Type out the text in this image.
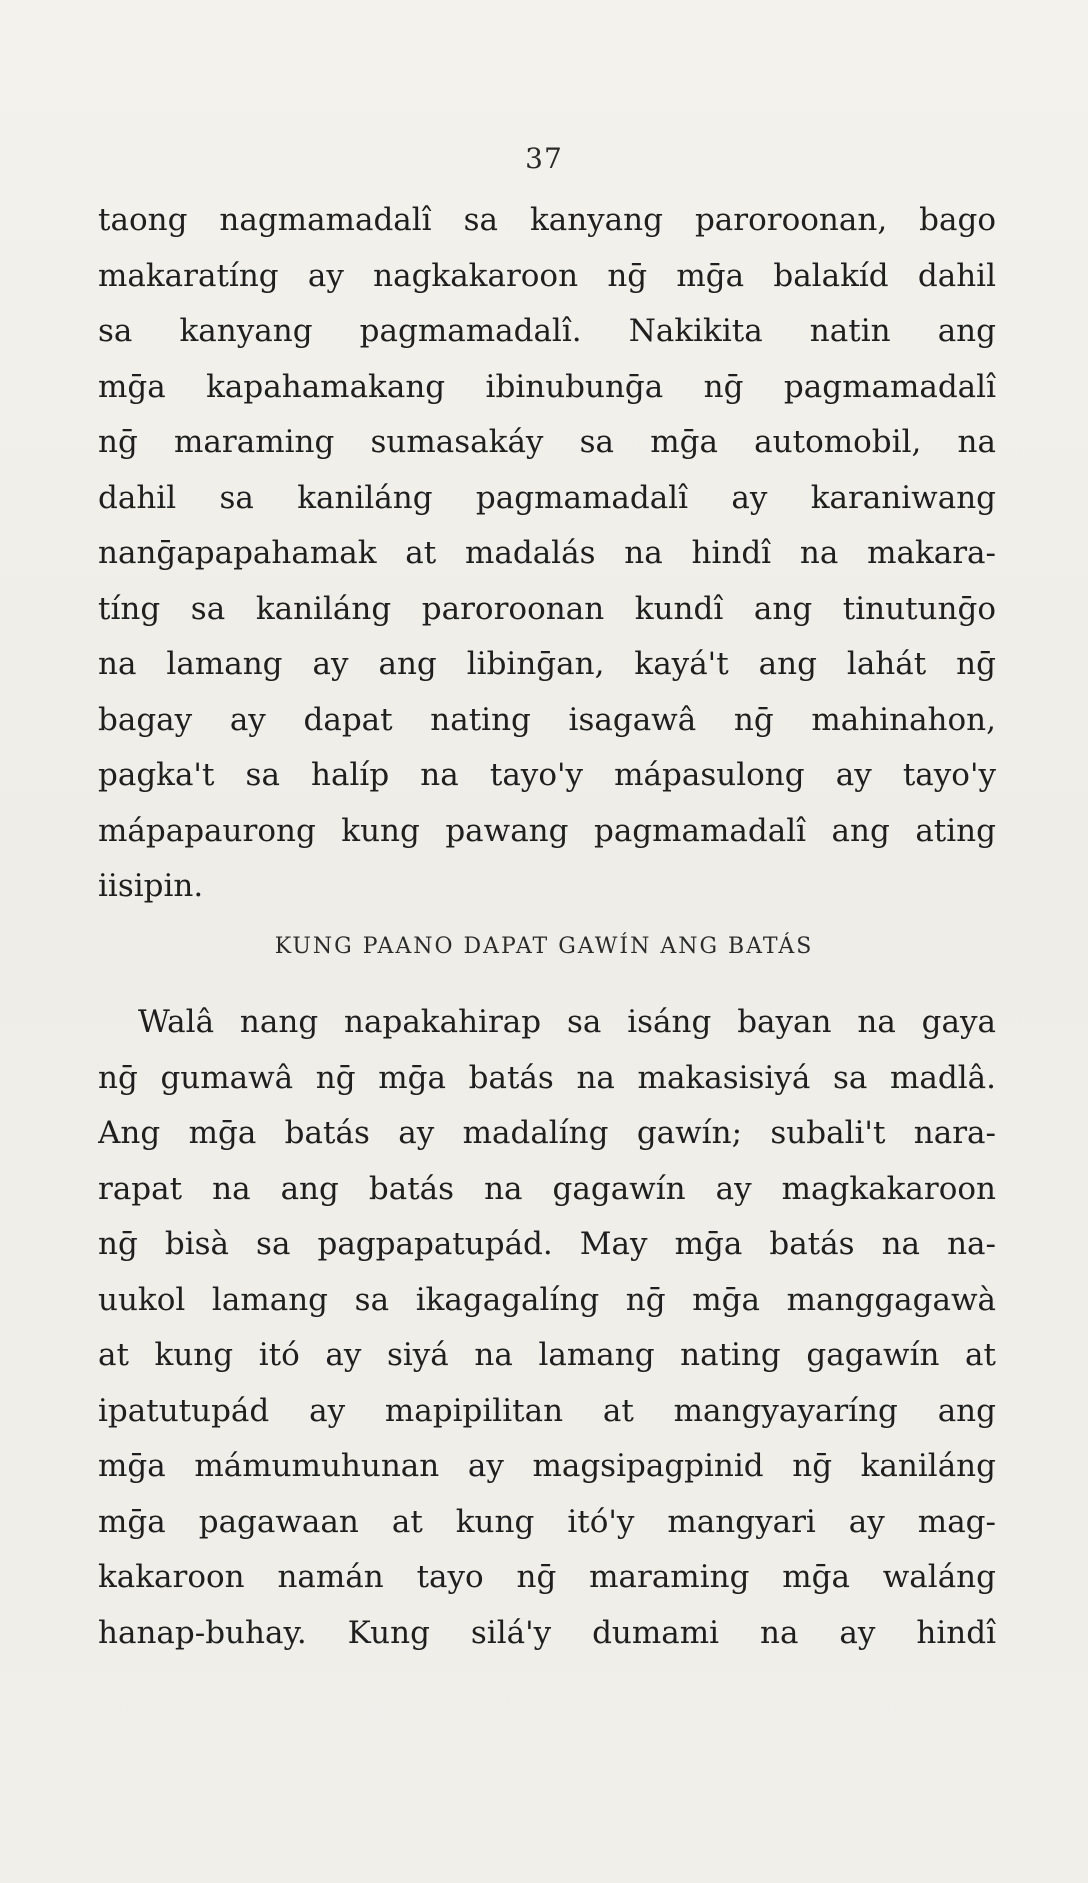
37
taong nagmamadalî sa kanyang paroroonan, bago
makaratíng ay nagkakaroon nḡ mḡa balakíd dahil
sa kanyang pagmamadalî. Nakikita natin ang
mḡa kapahamakang ibinubunḡa nḡ pagmamadalî
nḡ maraming sumasakáy sa mḡa automobil, na
dahil sa kaniláng pagmamadalî ay karaniwang
nanḡapapahamak at madalás na hindî na makara-
tíng sa kaniláng paroroonan kundî ang tinutunḡo
na lamang ay ang libinḡan, kayá't ang lahát nḡ
bagay ay dapat nating isagawâ nḡ mahinahon,
pagka't sa halíp na tayo'y mápasulong ay tayo'y
mápapaurong kung pawang pagmamadalî ang ating
iisipin.
KUNG PAANO DAPAT GAWÍN ANG BATÁS
Walâ nang napakahirap sa isáng bayan na gaya
nḡ gumawâ nḡ mḡa batás na makasisiyá sa madlâ.
Ang mḡa batás ay madalíng gawín; subali't nara-
rapat na ang batás na gagawín ay magkakaroon
nḡ bisà sa pagpapatupád. May mḡa batás na na-
uukol lamang sa ikagagalíng nḡ mḡa manggagawà
at kung itó ay siyá na lamang nating gagawín at
ipatutupád ay mapipilitan at mangyayaríng ang
mḡa mámumuhunan ay magsipagpinid nḡ kaniláng
mḡa pagawaan at kung itó'y mangyari ay mag-
kakaroon namán tayo nḡ maraming mḡa waláng
hanap-buhay. Kung silá'y dumami na ay hindî
